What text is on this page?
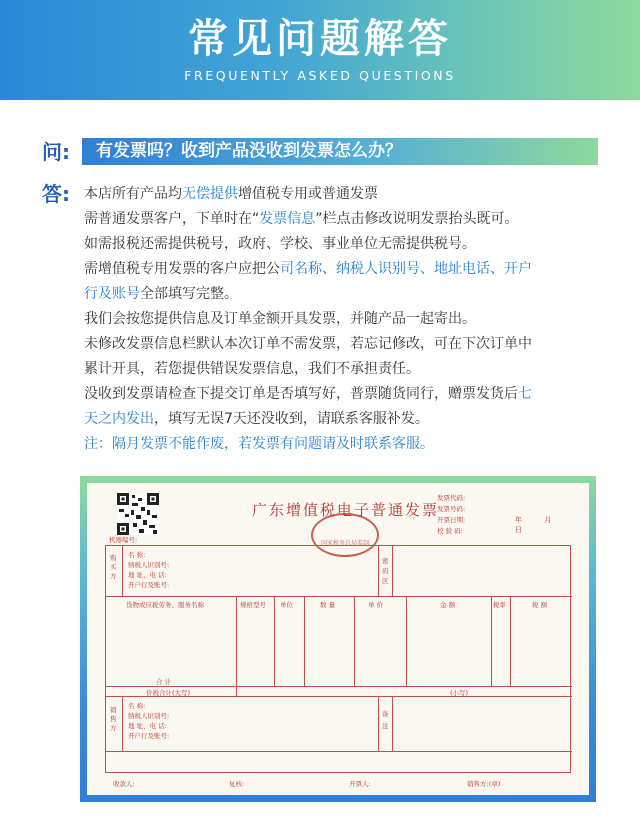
常见问题解答
FREQUENTLY ASKED QUESTIONS
问:	有发票吗？收到产品没收到发票怎么办？
答: 本店所有产品均无偿提供增值税专用或普通发票

需普通发票客户，下单时在“发票信息”栏点击修改说明发票抬头既可。

如需报税还需提供税号，政府、学校、事业单位无需提供税号。

需增值税专用发票的客户应把公司名称、纳税人识别号、地址电话、开户

行及账号全部填写完整。

我们会按您提供信息及订单金额开具发票，并随产品一起寄出。

未修改发票信息栏默认本次订单不需发票，若忘记修改，可在下次订单中

累计开具，若您提供错误发票信息，我们不承担责任。

没收到发票请检查下提交订单是否填写好，普票随货同行，赠票发货后七

天之内发出，填写无误7天还没收到，请联系客服补发。

注：隔月发票不能作废，若发票有问题请及时联系客服。

广东增值税电子普通发票
国家税务总局监制
发票代码:
发票号码:
开票日期:
校 验 码:
年 月 日
机器编号:
购买方
名 称:
纳税人识别号:
地 址、电 话:
开户行及账号:
密码区
货物或应税劳务、服务名称	规格型号 单位	数 量	单 价	金 额	税率	税 额
合 计
价税合计(大写)	(小写)
销售方
名 称:
纳税人识别号:
地 址、电 话:
开户行及账号:
备注
收款人:	复核:	开票人:	销售方:(章)
